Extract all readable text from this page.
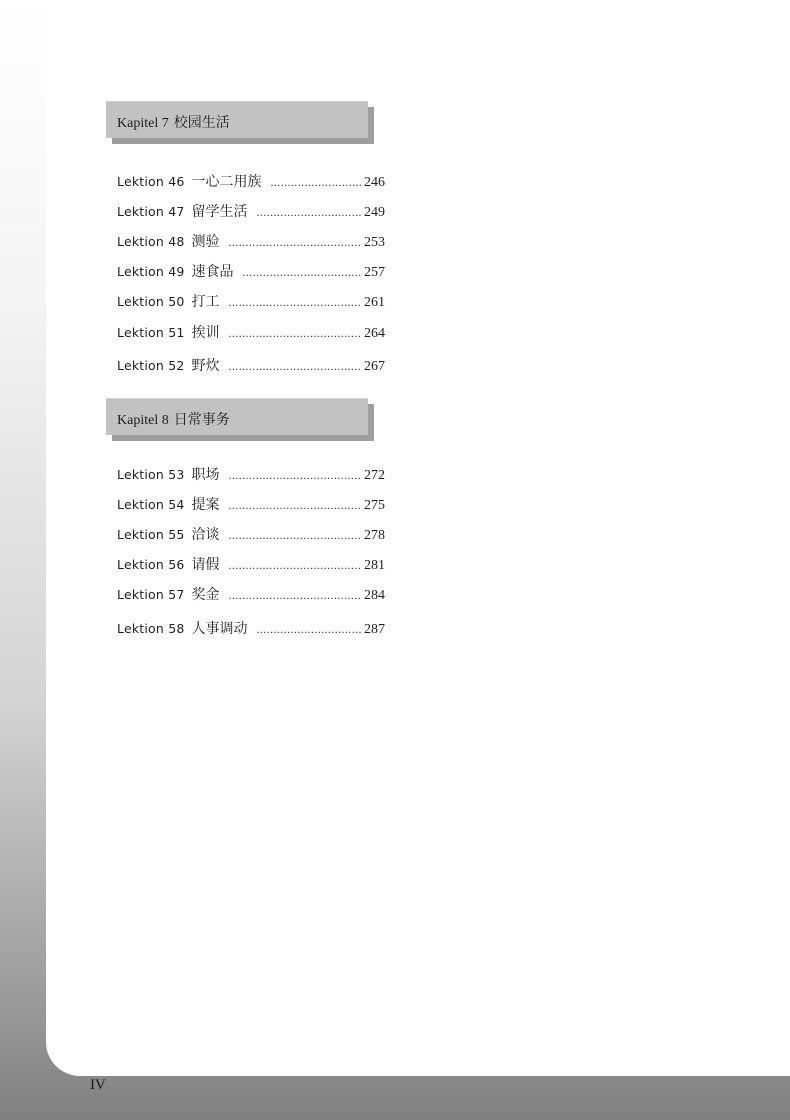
Kapitel 7 校园生活
Lektion 46 一心二用族 .....	246
Lektion 47 留学生活 .....	249
Lektion 48 测验 .....	253
Lektion 49 速食品 .....	257
Lektion 50 打工 .....	261
Lektion 51 挨训 .....	264
Lektion 52 野炊 .....	267
Kapitel 8 日常事务
Lektion 53 职场 .....	272
Lektion 54 提案 .....	275
Lektion 55 洽谈 .....	278
Lektion 56 请假 .....	281
Lektion 57 奖金 .....	284
Lektion 58 人事调动 .....	287
IV
